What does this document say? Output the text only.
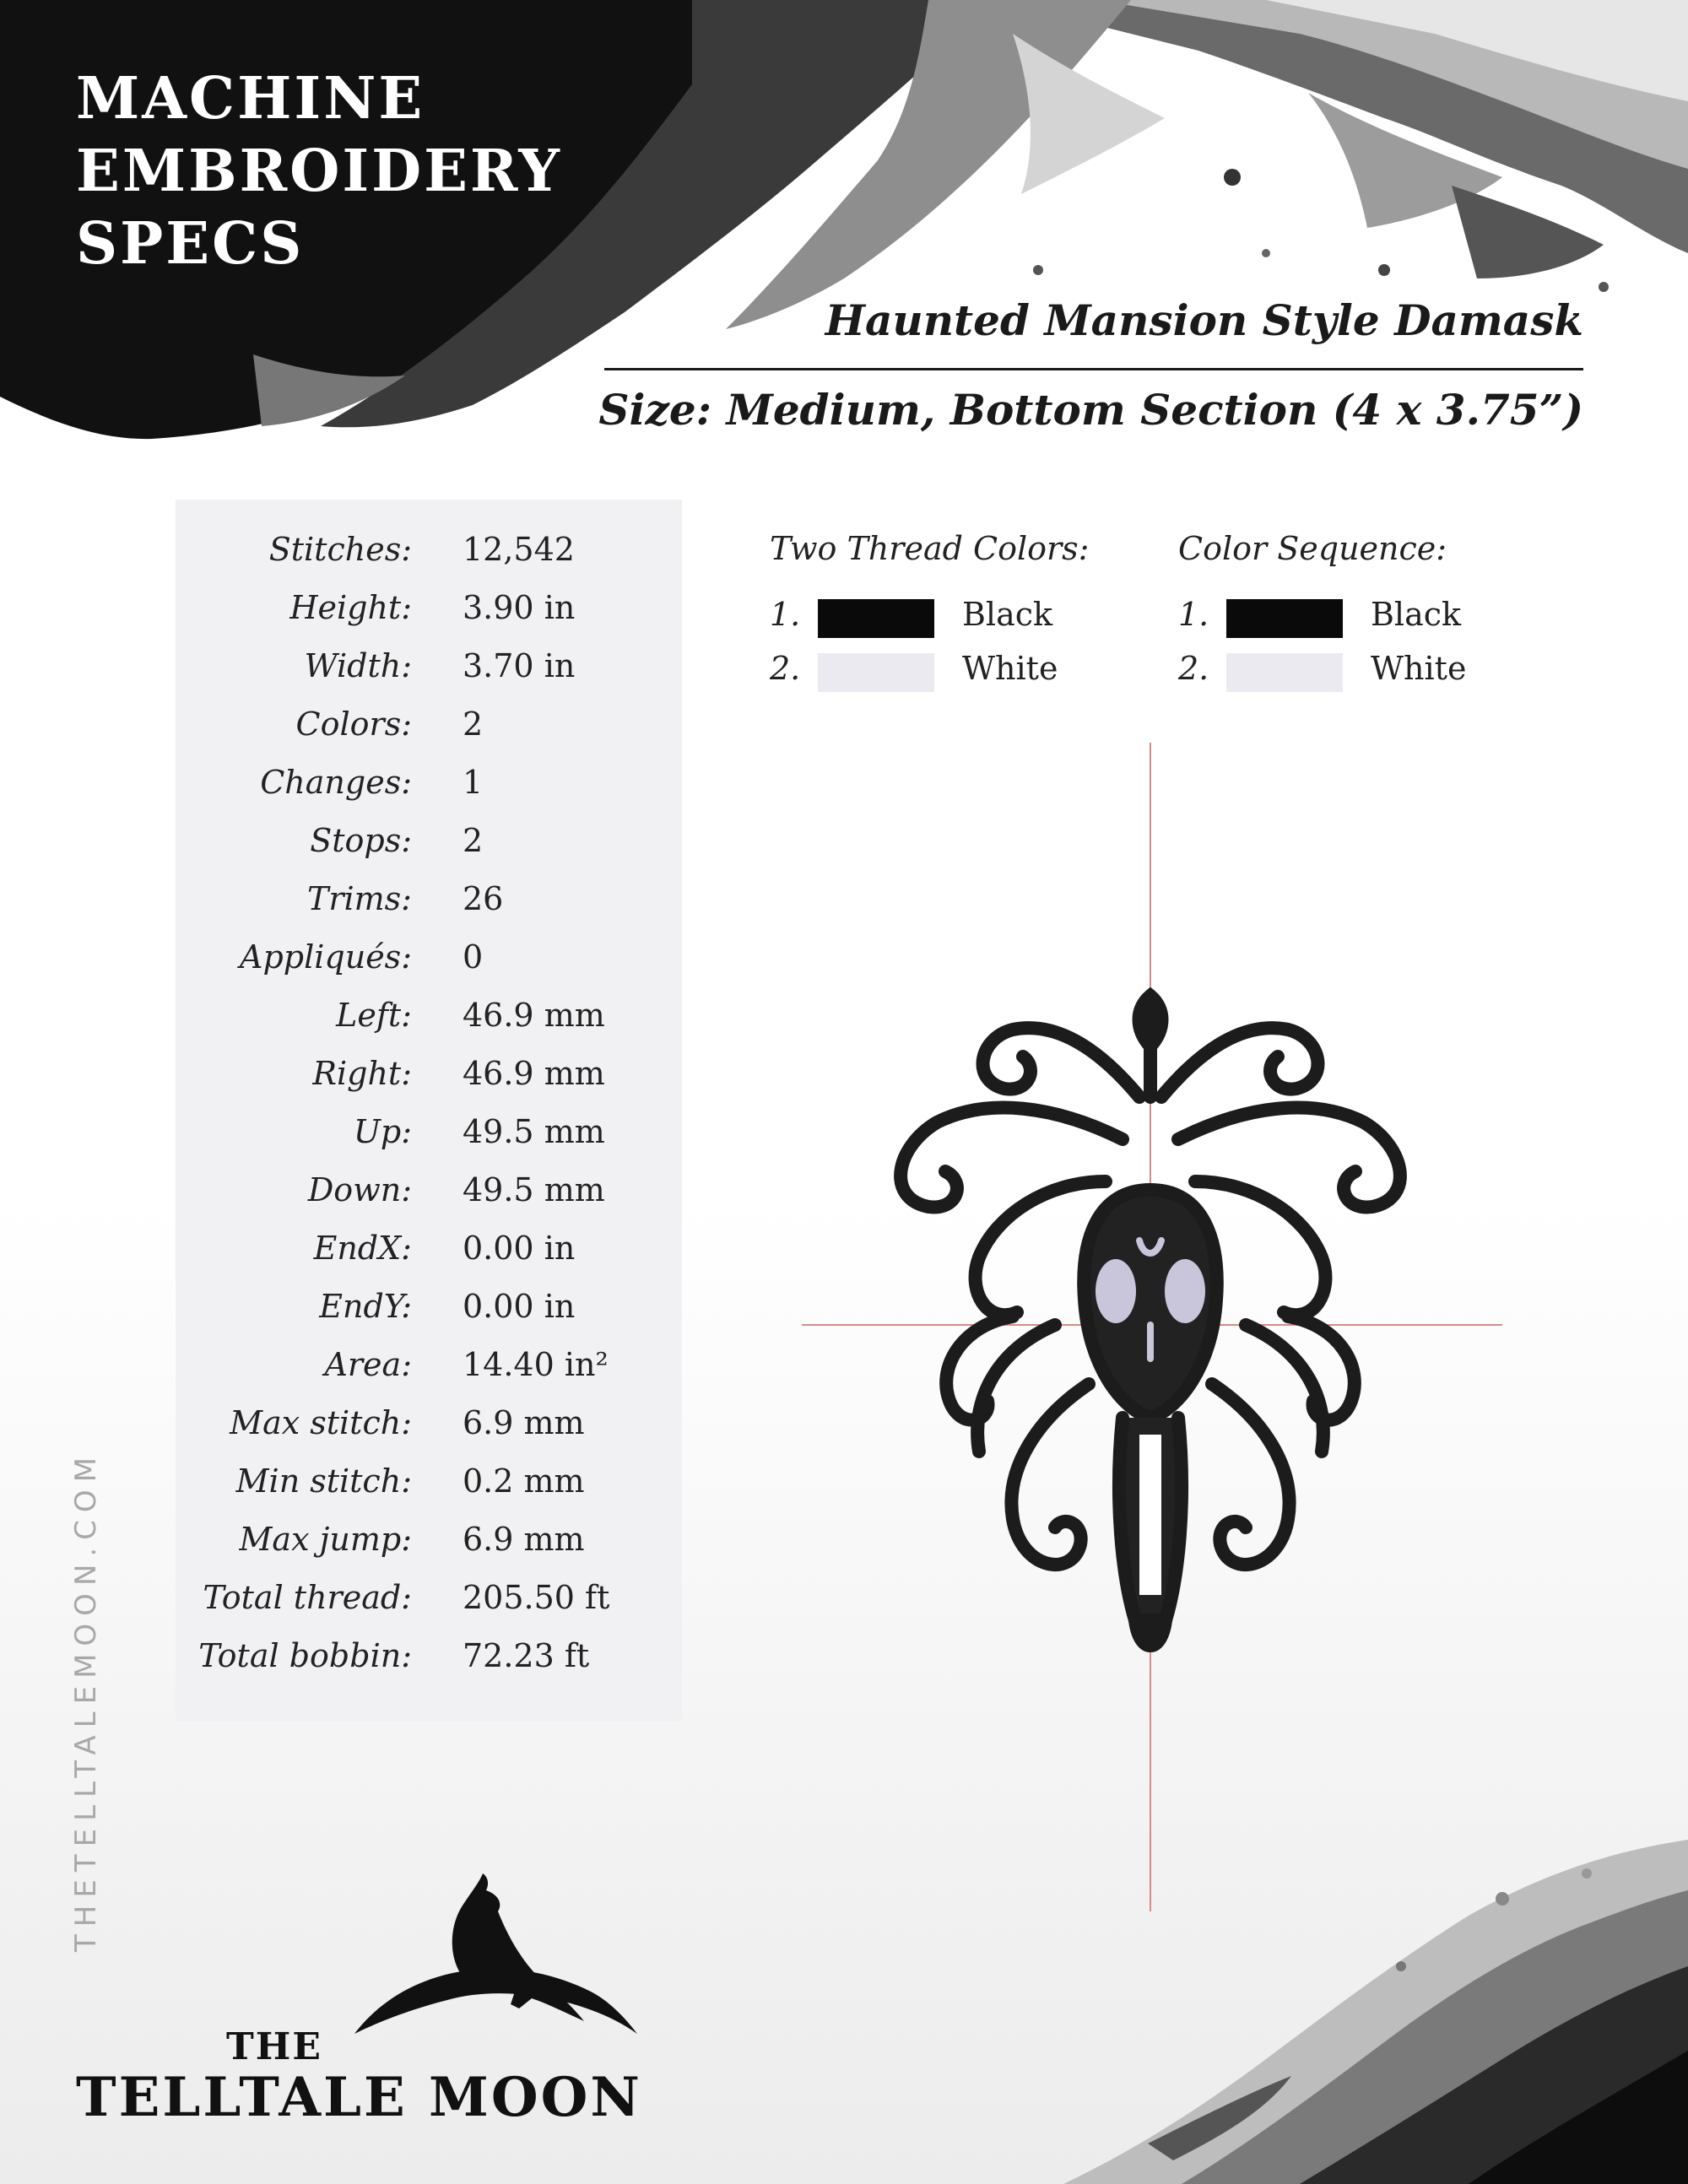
MACHINE
EMBROIDERY
SPECS
Haunted Mansion Style Damask
Size: Medium, Bottom Section (4 x 3.75”)
Stitches: 12,542
Height: 3.90 in
Width: 3.70 in
Colors: 2
Changes: 1
Stops: 2
Trims: 26
Appliqués: 0
Left: 46.9 mm
Right: 46.9 mm
Up: 49.5 mm
Down: 49.5 mm
EndX: 0.00 in
EndY: 0.00 in
Area: 14.40 in²
Max stitch: 6.9 mm
Min stitch: 0.2 mm
Max jump: 6.9 mm
Total thread: 205.50 ft
Total bobbin: 72.23 ft
Two Thread Colors:
1.	Black
2.	White
Color Sequence:
1.	Black
2.	White
THETELLTALEMOON.COM
THE
TELLTALE MOON
